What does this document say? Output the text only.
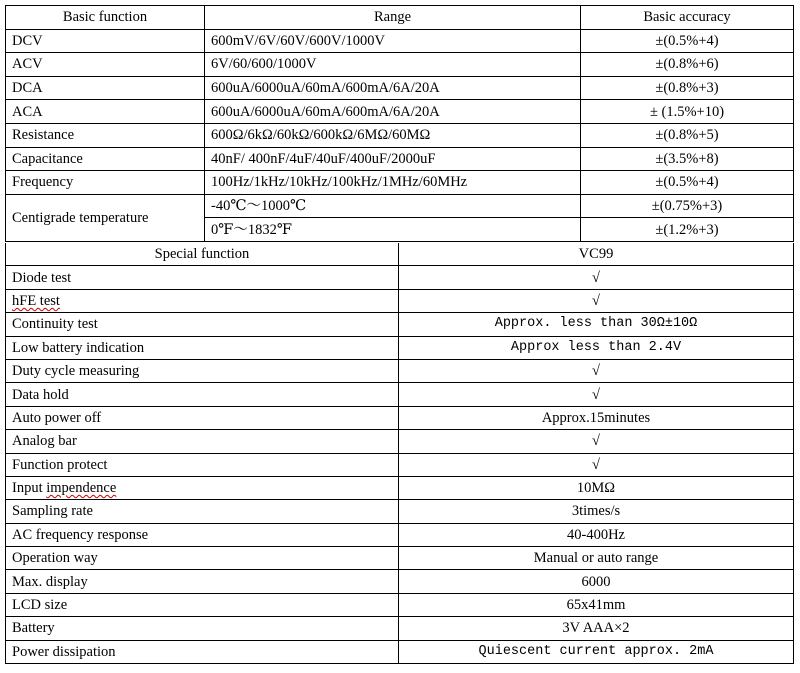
Basic function	Range	Basic accuracy
DCV	600mV/6V/60V/600V/1000V	±(0.5%+4)
ACV	6V/60/600/1000V	±(0.8%+6)
DCA	600uA/6000uA/60mA/600mA/6A/20A	±(0.8%+3)
ACA	600uA/6000uA/60mA/600mA/6A/20A	± (1.5%+10)
Resistance	600Ω/6kΩ/60kΩ/600kΩ/6MΩ/60MΩ	±(0.8%+5)
Capacitance	40nF/ 400nF/4uF/40uF/400uF/2000uF	±(3.5%+8)
Frequency	100Hz/1kHz/10kHz/100kHz/1MHz/60MHz	±(0.5%+4)
Centigrade temperature	-40℃～1000℃	±(0.75%+3)
	0℉～1832℉	±(1.2%+3)
Special function	VC99
Diode test	√
hFE test	√
Continuity test	Approx. less than 30Ω±10Ω
Low battery indication	Approx less than 2.4V
Duty cycle measuring	√
Data hold	√
Auto power off	Approx.15minutes
Analog bar	√
Function protect	√
Input impendence	10MΩ
Sampling rate	3times/s
AC frequency response	40-400Hz
Operation way	Manual or auto range
Max. display	6000
LCD size	65x41mm
Battery	3V AAA×2
Power dissipation	Quiescent current approx. 2mA
